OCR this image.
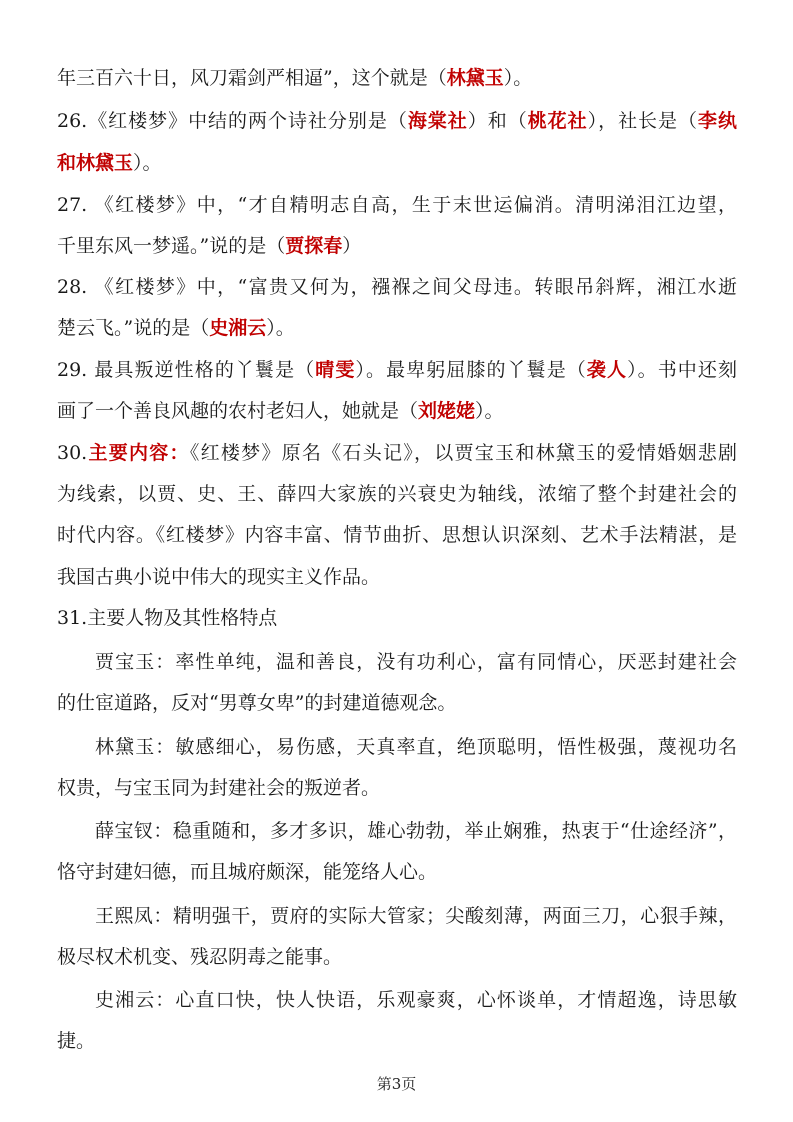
年三百六十日，风刀霜剑严相逼”，这个就是（林黛玉）。
26.《红楼梦》中结的两个诗社分别是（海棠社）和（桃花社），社长是（李纨
和林黛玉）。
27. 《红楼梦》中，“才自精明志自高，生于末世运偏消。清明涕泪江边望，
千里东风一梦遥。”说的是（贾探春）
28. 《红楼梦》中，“富贵又何为，襁褓之间父母违。转眼吊斜辉，湘江水逝
楚云飞。”说的是（史湘云）。
29. 最具叛逆性格的丫鬟是（晴雯）。最卑躬屈膝的丫鬟是（袭人）。书中还刻
画了一个善良风趣的农村老妇人，她就是（刘姥姥）。
30.主要内容：《红楼梦》原名《石头记》，以贾宝玉和林黛玉的爱情婚姻悲剧
为线索，以贾、史、王、薛四大家族的兴衰史为轴线，浓缩了整个封建社会的
时代内容。《红楼梦》内容丰富、情节曲折、思想认识深刻、艺术手法精湛，是
我国古典小说中伟大的现实主义作品。
31.主要人物及其性格特点
贾宝玉：率性单纯，温和善良，没有功利心，富有同情心，厌恶封建社会
的仕宦道路，反对“男尊女卑”的封建道德观念。
林黛玉：敏感细心，易伤感，天真率直，绝顶聪明，悟性极强，蔑视功名
权贵，与宝玉同为封建社会的叛逆者。
薛宝钗：稳重随和，多才多识，雄心勃勃，举止娴雅，热衷于“仕途经济”，
恪守封建妇德，而且城府颇深，能笼络人心。
王熙凤：精明强干，贾府的实际大管家；尖酸刻薄，两面三刀，心狠手辣，
极尽权术机变、残忍阴毒之能事。
史湘云：心直口快，快人快语，乐观豪爽，心怀谈单，才情超逸，诗思敏
捷。
第3页
